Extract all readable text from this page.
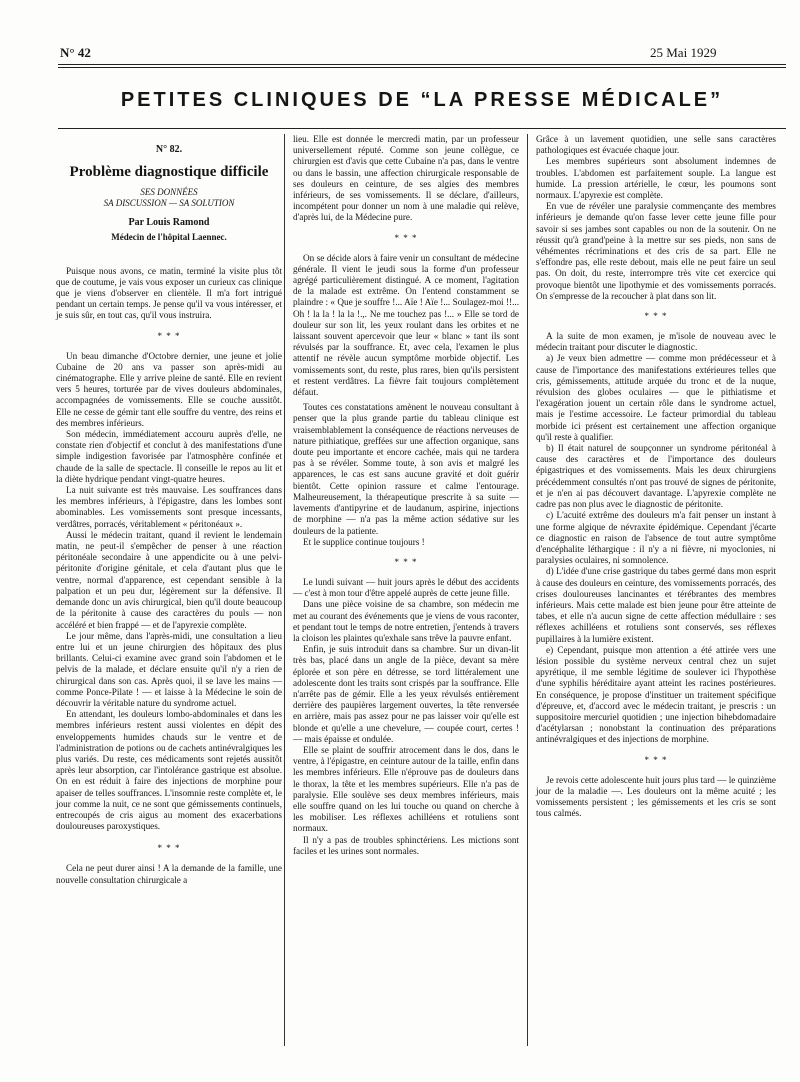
N° 42	25 Mai 1929
PETITES CLINIQUES DE “LA PRESSE MÉDICALE”
N° 82.
Problème diagnostique difficile
SES DONNÉES
SA DISCUSSION — SA SOLUTION
Par Louis Ramond
Médecin de l'hôpital Laennec.

Puisque nous avons, ce matin, terminé la visite plus tôt que de coutume, je vais vous exposer un curieux cas clinique que je viens d'observer en clientèle. Il m'a fort intrigué pendant un certain temps. Je pense qu'il va vous intéresser, et je suis sûr, en tout cas, qu'il vous instruira.

* * *

Un beau dimanche d'Octobre dernier, une jeune et jolie Cubaine de 20 ans va passer son après-midi au cinématographe. Elle y arrive pleine de santé. Elle en revient vers 5 heures, torturée par de vives douleurs abdominales, accompagnées de vomissements. Elle se couche aussitôt. Elle ne cesse de gémir tant elle souffre du ventre, des reins et des membres inférieurs.

Son médecin, immédiatement accouru auprès d'elle, ne constate rien d'objectif et conclut à des manifestations d'une simple indigestion favorisée par l'atmosphère confinée et chaude de la salle de spectacle. Il conseille le repos au lit et la diète hydrique pendant vingt-quatre heures.

La nuit suivante est très mauvaise. Les souffrances dans les membres inférieurs, à l'épigastre, dans les lombes sont abominables. Les vomissements sont presque incessants, verdâtres, porracés, véritablement « péritonéaux ».

Aussi le médecin traitant, quand il revient le lendemain matin, ne peut-il s'empêcher de penser à une réaction péritonéale secondaire à une appendicite ou à une pelvi-péritonite d'origine génitale, et cela d'autant plus que le ventre, normal d'apparence, est cependant sensible à la palpation et un peu dur, légèrement sur la défensive. Il demande donc un avis chirurgical, bien qu'il doute beaucoup de la péritonite à cause des caractères du pouls — non accéléré et bien frappé — et de l'apyrexie complète.

Le jour même, dans l'après-midi, une consultation a lieu entre lui et un jeune chirurgien des hôpitaux des plus brillants. Celui-ci examine avec grand soin l'abdomen et le pelvis de la malade, et déclare ensuite qu'il n'y a rien de chirurgical dans son cas. Après quoi, il se lave les mains — comme Ponce-Pilate ! — et laisse à la Médecine le soin de découvrir la véritable nature du syndrome actuel.

En attendant, les douleurs lombo-abdominales et dans les membres inférieurs restent aussi violentes en dépit des enveloppements humides chauds sur le ventre et de l'administration de potions ou de cachets antinévralgiques les plus variés. Du reste, ces médicaments sont rejetés aussitôt après leur absorption, car l'intolérance gastrique est absolue. On en est réduit à faire des injections de morphine pour apaiser de telles souffrances. L'insomnie reste complète et, le jour comme la nuit, ce ne sont que gémissements continuels, entrecoupés de cris aigus au moment des exacerbations douloureuses paroxystiques.

* * *

Cela ne peut durer ainsi ! A la demande de la famille, une nouvelle consultation chirurgicale a

lieu. Elle est donnée le mercredi matin, par un professeur universellement réputé. Comme son jeune collègue, ce chirurgien est d'avis que cette Cubaine n'a pas, dans le ventre ou dans le bassin, une affection chirurgicale responsable de ses douleurs en ceinture, de ses algies des membres inférieurs, de ses vomissements. Il se déclare, d'ailleurs, incompétent pour donner un nom à une maladie qui relève, d'après lui, de la Médecine pure.

* * *

On se décide alors à faire venir un consultant de médecine générale. Il vient le jeudi sous la forme d'un professeur agrégé particulièrement distingué. A ce moment, l'agitation de la malade est extrême. On l'entend constamment se plaindre : « Que je souffre !... Aïe ! Aïe !... Soulagez-moi !!... Oh ! la la ! la la !.,. Ne me touchez pas !... » Elle se tord de douleur sur son lit, les yeux roulant dans les orbites et ne laissant souvent apercevoir que leur « blanc » tant ils sont révulsés par la souffrance. Et, avec cela, l'examen le plus attentif ne révèle aucun symptôme morbide objectif. Les vomissements sont, du reste, plus rares, bien qu'ils persistent et restent verdâtres. La fièvre fait toujours complètement défaut.

Toutes ces constatations amènent le nouveau consultant à penser que la plus grande partie du tableau clinique est vraisemblablement la conséquence de réactions nerveuses de nature pithiatique, greffées sur une affection organique, sans doute peu importante et encore cachée, mais qui ne tardera pas à se révéler. Somme toute, à son avis et malgré les apparences, le cas est sans aucune gravité et doit guérir bientôt. Cette opinion rassure et calme l'entourage. Malheureusement, la thérapeutique prescrite à sa suite — lavements d'antipyrine et de laudanum, aspirine, injections de morphine — n'a pas la même action sédative sur les douleurs de la patiente.

Et le supplice continue toujours !

* * *

Le lundi suivant — huit jours après le début des accidents — c'est à mon tour d'être appelé auprès de cette jeune fille.

Dans une pièce voisine de sa chambre, son médecin me met au courant des événements que je viens de vous raconter, et pendant tout le temps de notre entretien, j'entends à travers la cloison les plaintes qu'exhale sans trêve la pauvre enfant.

Enfin, je suis introduit dans sa chambre. Sur un divan-lit très bas, placé dans un angle de la pièce, devant sa mère éplorée et son père en détresse, se tord littéralement une adolescente dont les traits sont crispés par la souffrance. Elle n'arrête pas de gémir. Elle a les yeux révulsés entièrement derrière des paupières largement ouvertes, la tête renversée en arrière, mais pas assez pour ne pas laisser voir qu'elle est blonde et qu'elle a une chevelure, — coupée court, certes ! — mais épaisse et ondulée.

Elle se plaint de souffrir atrocement dans le dos, dans le ventre, à l'épigastre, en ceinture autour de la taille, enfin dans les membres inférieurs. Elle n'éprouve pas de douleurs dans le thorax, la tête et les membres supérieurs. Elle n'a pas de paralysie. Elle soulève ses deux membres inférieurs, mais elle souffre quand on les lui touche ou quand on cherche à les mobiliser. Les réflexes achilléens et rotuliens sont normaux.

Il n'y a pas de troubles sphinctériens. Les mictions sont faciles et les urines sont normales.

Grâce à un lavement quotidien, une selle sans caractères pathologiques est évacuée chaque jour.

Les membres supérieurs sont absolument indemnes de troubles. L'abdomen est parfaitement souple. La langue est humide. La pression artérielle, le cœur, les poumons sont normaux. L'apyrexie est complète.

En vue de révéler une paralysie commençante des membres inférieurs je demande qu'on fasse lever cette jeune fille pour savoir si ses jambes sont capables ou non de la soutenir. On ne réussit qu'à grand'peine à la mettre sur ses pieds, non sans de véhémentes récriminations et des cris de sa part. Elle ne s'effondre pas, elle reste debout, mais elle ne peut faire un seul pas. On doit, du reste, interrompre très vite cet exercice qui provoque bientôt une lipothymie et des vomissements porracés. On s'empresse de la recoucher à plat dans son lit.

* * *

A la suite de mon examen, je m'isole de nouveau avec le médecin traitant pour discuter le diagnostic.

a) Je veux bien admettre — comme mon prédécesseur et à cause de l'importance des manifestations extérieures telles que cris, gémissements, attitude arquée du tronc et de la nuque, révulsion des globes oculaires — que le pithiatisme et l'exagération jouent un certain rôle dans le syndrome actuel, mais je l'estime accessoire. Le facteur primordial du tableau morbide ici présent est certainement une affection organique qu'il reste à qualifier.

b) Il était naturel de soupçonner un syndrome péritonéal à cause des caractères et de l'importance des douleurs épigastriques et des vomissements. Mais les deux chirurgiens précédemment consultés n'ont pas trouvé de signes de péritonite, et je n'en ai pas découvert davantage. L'apyrexie complète ne cadre pas non plus avec le diagnostic de péritonite.

c) L'acuité extrême des douleurs m'a fait penser un instant à une forme algique de névraxite épidémique. Cependant j'écarte ce diagnostic en raison de l'absence de tout autre symptôme d'encéphalite léthargique : il n'y a ni fièvre, ni myoclonies, ni paralysies oculaires, ni somnolence.

d) L'idée d'une crise gastrique du tabes germé dans mon esprit à cause des douleurs en ceinture, des vomissements porracés, des crises douloureuses lancinantes et térébrantes des membres inférieurs. Mais cette malade est bien jeune pour être atteinte de tabes, et elle n'a aucun signe de cette affection médullaire : ses réflexes achilléens et rotuliens sont conservés, ses réflexes pupillaires à la lumière existent.

e) Cependant, puisque mon attention a été attirée vers une lésion possible du système nerveux central chez un sujet apyrétique, il me semble légitime de soulever ici l'hypothèse d'une syphilis héréditaire ayant atteint les racines postérieures. En conséquence, je propose d'instituer un traitement spécifique d'épreuve, et, d'accord avec le médecin traitant, je prescris : un suppositoire mercuriel quotidien ; une injection bihebdomadaire d'acétylarsan ; nonobstant la continuation des préparations antinévralgiques et des injections de morphine.

* * *

Je revois cette adolescente huit jours plus tard — le quinzième jour de la maladie —. Les douleurs ont la même acuité ; les vomissements persistent ; les gémissements et les cris se sont tous calmés.
